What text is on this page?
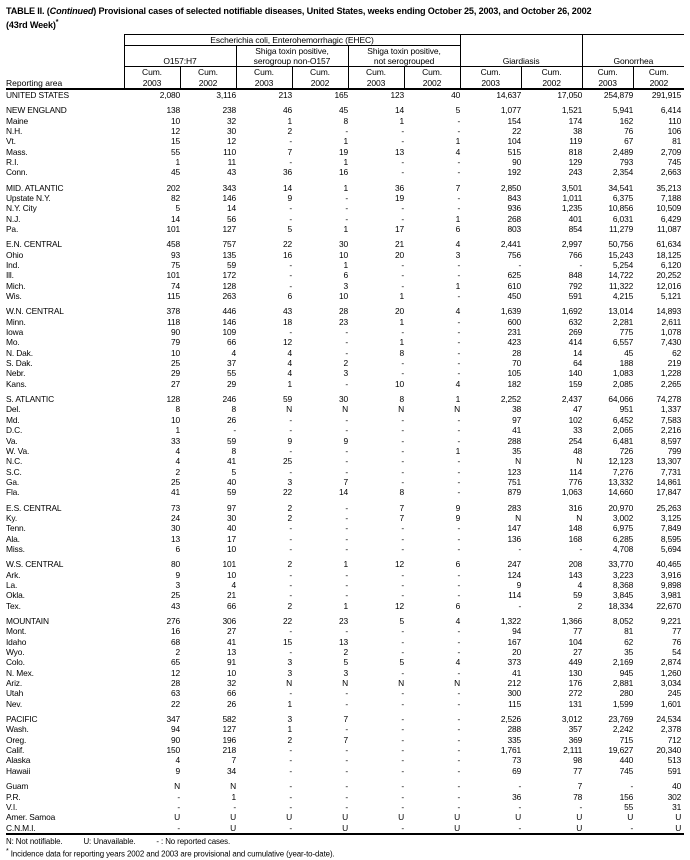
TABLE II. (Continued) Provisional cases of selected notifiable diseases, United States, weeks ending October 25, 2003, and October 26, 2002
(43rd Week)*
	Escherichia coli, Enterohemorrhagic (EHEC)									
			Shiga toxin positive,		Shiga toxin positive,					
	O157:H7		serogroup non-O157		not serogrouped		Giardiasis		Gonorrhea	
	Cum.	Cum.	Cum.	Cum.	Cum.	Cum.	Cum.	Cum.	Cum.	Cum.
Reporting area	2003	2002	2003	2002	2003	2002	2003	2002	2003	2002
UNITED STATES	2,080	3,116	213	165	123	40	14,637	17,050	254,879	291,915

NEW ENGLAND	138	238	46	45	14	5	1,077	1,521	5,941	6,414
Maine	10	32	1	8	1	-	154	174	162	110
N.H.	12	30	2	-	-	-	22	38	76	106
Vt.	15	12	-	1	-	1	104	119	67	81
Mass.	55	110	7	19	13	4	515	818	2,489	2,709
R.I.	1	11	-	1	-	-	90	129	793	745
Conn.	45	43	36	16	-	-	192	243	2,354	2,663

MID. ATLANTIC	202	343	14	1	36	7	2,850	3,501	34,541	35,213
Upstate N.Y.	82	146	9	-	19	-	843	1,011	6,375	7,188
N.Y. City	5	14	-	-	-	-	936	1,235	10,856	10,509
N.J.	14	56	-	-	-	1	268	401	6,031	6,429
Pa.	101	127	5	1	17	6	803	854	11,279	11,087

E.N. CENTRAL	458	757	22	30	21	4	2,441	2,997	50,756	61,634
Ohio	93	135	16	10	20	3	756	766	15,243	18,125
Ind.	75	59	-	1	-	-	-	-	5,254	6,120
Ill.	101	172	-	6	-	-	625	848	14,722	20,252
Mich.	74	128	-	3	-	1	610	792	11,322	12,016
Wis.	115	263	6	10	1	-	450	591	4,215	5,121

W.N. CENTRAL	378	446	43	28	20	4	1,639	1,692	13,014	14,893
Minn.	118	146	18	23	1	-	600	632	2,281	2,611
Iowa	90	109	-	-	-	-	231	269	775	1,078
Mo.	79	66	12	-	1	-	423	414	6,557	7,430
N. Dak.	10	4	4	-	8	-	28	14	45	62
S. Dak.	25	37	4	2	-	-	70	64	188	219
Nebr.	29	55	4	3	-	-	105	140	1,083	1,228
Kans.	27	29	1	-	10	4	182	159	2,085	2,265

S. ATLANTIC	128	246	59	30	8	1	2,252	2,437	64,066	74,278
Del.	8	8	N	N	N	N	38	47	951	1,337
Md.	10	26	-	-	-	-	97	102	6,452	7,583
D.C.	1	-	-	-	-	-	41	33	2,065	2,216
Va.	33	59	9	9	-	-	288	254	6,481	8,597
W. Va.	4	8	-	-	-	1	35	48	726	799
N.C.	4	41	25	-	-	-	N	N	12,123	13,307
S.C.	2	5	-	-	-	-	123	114	7,276	7,731
Ga.	25	40	3	7	-	-	751	776	13,332	14,861
Fla.	41	59	22	14	8	-	879	1,063	14,660	17,847

E.S. CENTRAL	73	97	2	-	7	9	283	316	20,970	25,263
Ky.	24	30	2	-	7	9	N	N	3,002	3,125
Tenn.	30	40	-	-	-	-	147	148	6,975	7,849
Ala.	13	17	-	-	-	-	136	168	6,285	8,595
Miss.	6	10	-	-	-	-	-	-	4,708	5,694

W.S. CENTRAL	80	101	2	1	12	6	247	208	33,770	40,465
Ark.	9	10	-	-	-	-	124	143	3,223	3,916
La.	3	4	-	-	-	-	9	4	8,368	9,898
Okla.	25	21	-	-	-	-	114	59	3,845	3,981
Tex.	43	66	2	1	12	6	-	2	18,334	22,670

MOUNTAIN	276	306	22	23	5	4	1,322	1,366	8,052	9,221
Mont.	16	27	-	-	-	-	94	77	81	77
Idaho	68	41	15	13	-	-	167	104	62	76
Wyo.	2	13	-	2	-	-	20	27	35	54
Colo.	65	91	3	5	5	4	373	449	2,169	2,874
N. Mex.	12	10	3	3	-	-	41	130	945	1,260
Ariz.	28	32	N	N	N	N	212	176	2,881	3,034
Utah	63	66	-	-	-	-	300	272	280	245
Nev.	22	26	1	-	-	-	115	131	1,599	1,601

PACIFIC	347	582	3	7	-	-	2,526	3,012	23,769	24,534
Wash.	94	127	1	-	-	-	288	357	2,242	2,378
Oreg.	90	196	2	7	-	-	335	369	715	712
Calif.	150	218	-	-	-	-	1,761	2,111	19,627	20,340
Alaska	4	7	-	-	-	-	73	98	440	513
Hawaii	9	34	-	-	-	-	69	77	745	591

Guam	N	N	-	-	-	-	-	7	-	40
P.R.	-	1	-	-	-	-	36	78	156	302
V.I.	-	-	-	-	-	-	-	-	55	31
Amer. Samoa	U	U	U	U	U	U	U	U	U	U
C.N.M.I.	-	U	-	U	-	U	-	U	-	U
N: Not notifiable.          U: Unavailable.          - : No reported cases.
* Incidence data for reporting years 2002 and 2003 are provisional and cumulative (year-to-date).
